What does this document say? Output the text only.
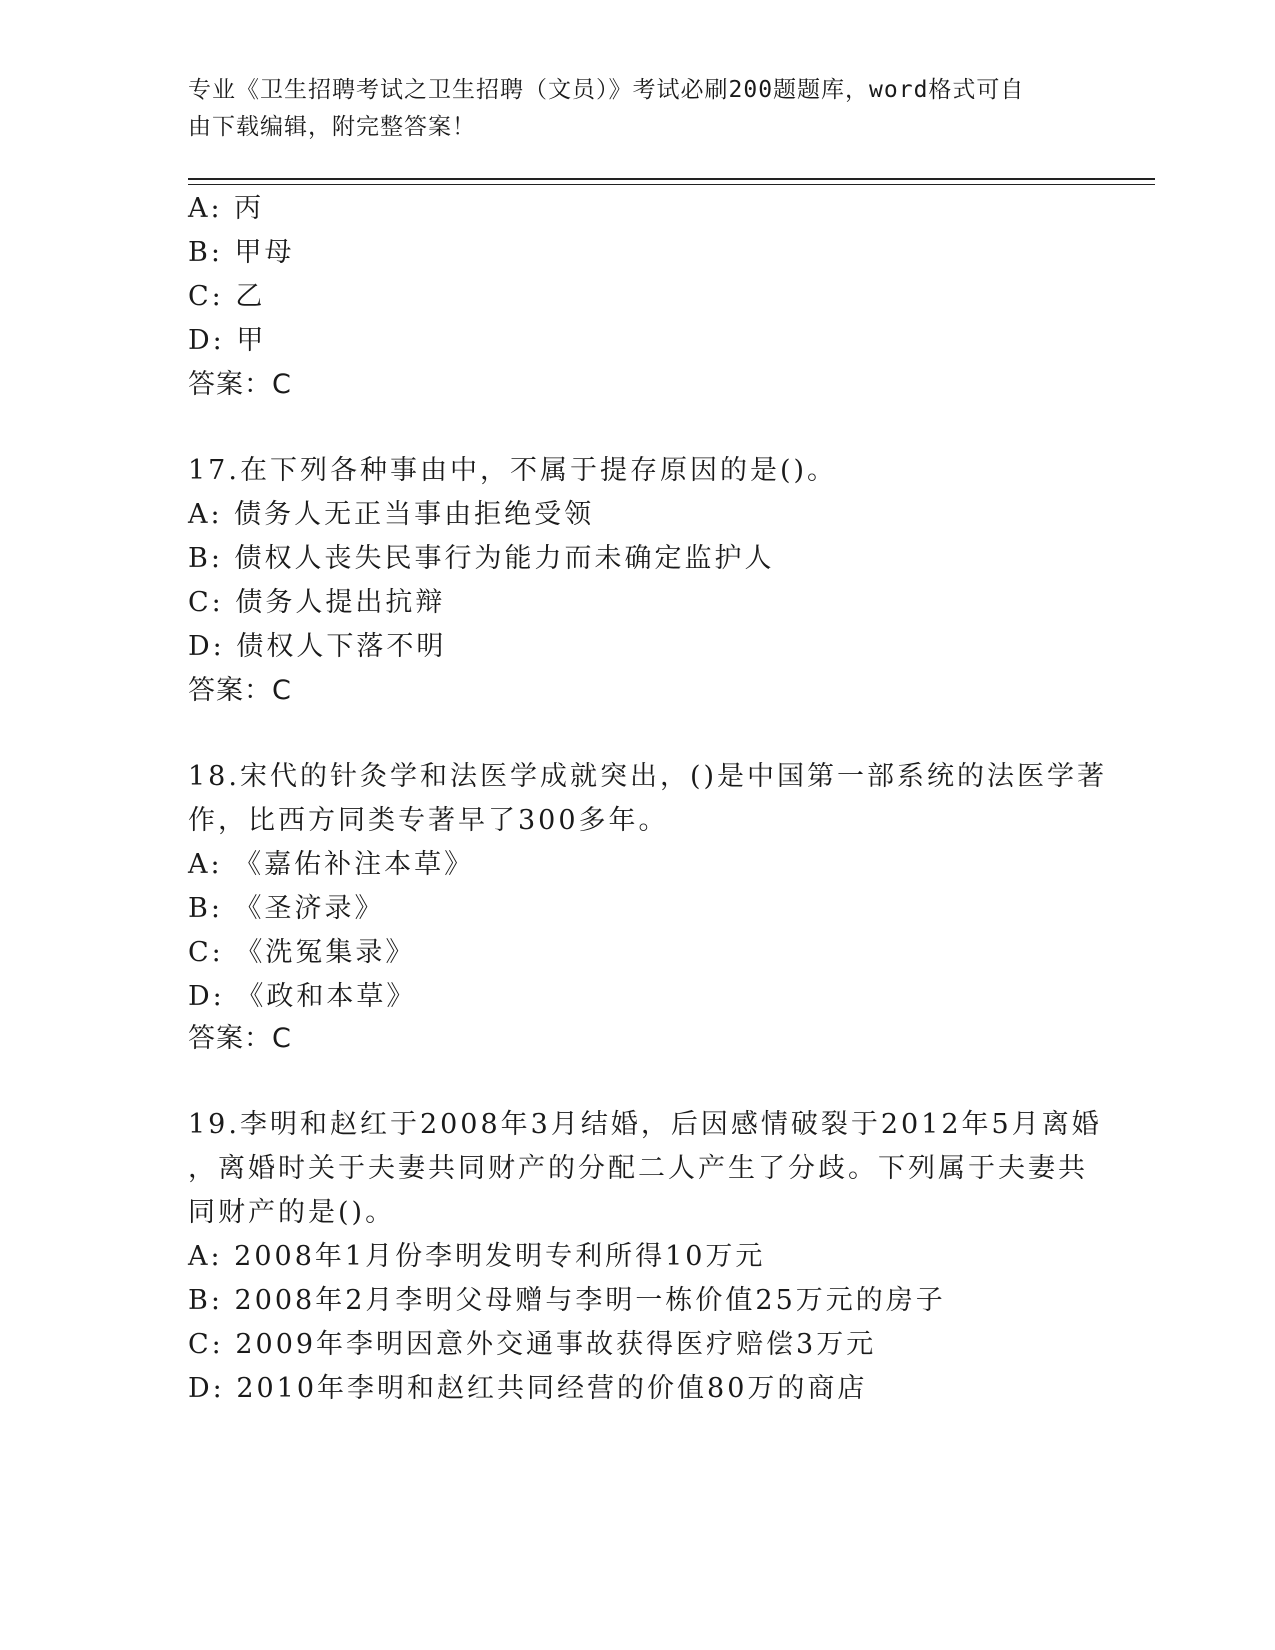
专业《卫生招聘考试之卫生招聘（文员）》考试必刷200题题库，word格式可自
由下载编辑，附完整答案！
A: 丙
B: 甲母
C: 乙
D: 甲
答案：C
17.在下列各种事由中，不属于提存原因的是()。
A: 债务人无正当事由拒绝受领
B: 债权人丧失民事行为能力而未确定监护人
C: 债务人提出抗辩
D: 债权人下落不明
答案：C
18.宋代的针灸学和法医学成就突出，()是中国第一部系统的法医学著
作，比西方同类专著早了300多年。
A: 《嘉佑补注本草》
B: 《圣济录》
C: 《洗冤集录》
D: 《政和本草》
答案：C
19.李明和赵红于2008年3月结婚，后因感情破裂于2012年5月离婚
，离婚时关于夫妻共同财产的分配二人产生了分歧。下列属于夫妻共
同财产的是()。
A: 2008年1月份李明发明专利所得10万元
B: 2008年2月李明父母赠与李明一栋价值25万元的房子
C: 2009年李明因意外交通事故获得医疗赔偿3万元
D: 2010年李明和赵红共同经营的价值80万的商店
